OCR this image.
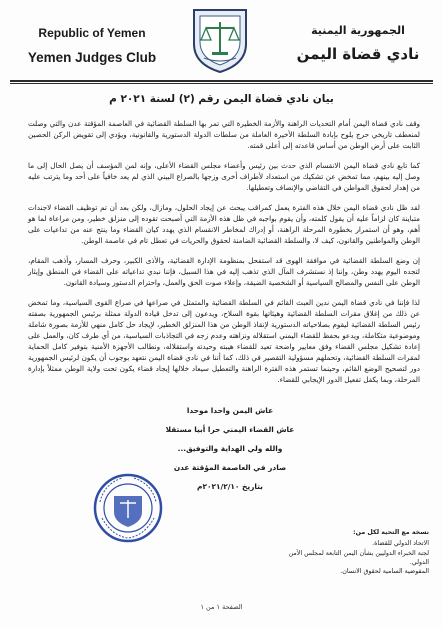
Republic of Yemen
Yemen Judges Club
الجمهورية اليمنية
نادي قضاة اليمن
بيان نادي قضاة اليمن رقم (٢) لسنة ٢٠٢١ م

وقف نادي قضاة اليمن أمام التحديات الراهنة والأزمة الخطيرة التي تمر بها السلطة القضائية في العاصمة المؤقتة عدن والتي وصلت لمنعطف تاريخي حرج يلوح بإبادة السلطة الأخيرة العاملة من سلطات الدولة الدستورية والقانونية، ويؤدي إلى تقويض الركن الحصين الثابت على أرض الوطن من أساس قاعدته إلى أعلى قمته.

كما تابع نادي قضاة اليمن الانقسام الذي حدث بين رئيس وأعضاء مجلس القضاء الأعلى، وإنه لمن المؤسف أن يصل الحال إلى ما وصل إليه بينهم، مما تمخض عن تشكيك من استعداد لأطراف أخرى وزجها بالصراع البيني الذي لم يعد خافياً على أحد وما يترتب عليه من إهدار لحقوق المواطن في التقاضي والإنصاف وتعطيلها.

لقد ظل نادي قضاة اليمن خلال هذه الفترة يعمل كمراقب يبحث عن إيجاد الحلول، ومازال، ولكن بعد أن تم توظيف القضاء لاجندات متباينة كان لزاماً عليه أن يقول كلمته، وأن يقوم بواجبه في ظل هذه الأزمة التي أصبحت تقوده إلى منزلق خطير، ومن مراعاة لما هو أهم، وهو أن استمرار بخطورة المرحلة الراهنة، أو إدراك لمخاطر الانقسام الذي يهدد كيان القضاء وما ينتج عنه من تداعيات على الوطن والمواطنين والقانون، كيف لا، والسلطة القضائية الضامنة لحقوق والحريات في تعطل تام في عاصمة الوطن.

إن وضع السلطة القضائية في موافقة الهوى قد استفحل بمنظومة الإدارة القضائية، والأذى الكبير، وحرف المسار، وأذهب المقام، لتجده اليوم يهدد وطن، وإننا إذ نستشرف المآل الذي تذهب إليه في هذا السبيل، فإننا نبدي تداعياته على القضاء في المنطق وإيثار الوطن على النفس والمصالح السياسية أو الشخصية الضيقة، وإعلاء صوت الحق والعمل، واحترام الدستور وسيادة القانون.

لذا فإننا في نادي قضاة اليمن ندين العبث القائم في السلطة القضائية والمتمثل في صراعها في صراع القوى السياسية، وما تمخض عن ذلك من إغلاق مقرات السلطة القضائية وهيئاتها بقوة السلاح، ويدعون إلى تدخل قيادة الدولة ممثلة برئيس الجمهورية بصفته رئيس السلطة القضائية ليقوم بصلاحياته الدستورية لإنقاذ الوطن من هذا المنزلق الخطير، لإيجاد حل كامل منهي للأزمة بصورة شاملة وموضوعية متكاملة، ويدعو بحفظ للقضاء اليمني استقلاله ونزاهته وعدم زجه في التجاذبات السياسية، من أي طرف كان، والعمل على إعادة تشكيل مجلس القضاء وفق معايير واضحة تعيد للقضاء هيبته وحيدته واستقلاله، ونطالب الأجهزة الأمنية بتوفير كامل الحماية لمقرات السلطة القضائية، وتحملهم مسؤولية التقصير في ذلك، كما أننا في نادي قضاة اليمن نتعهد بوجوب أن يكون لرئيس الجمهورية دور لتصحيح الوضع القائم، وحينما تستمر هذه الفترة الراهنة والتعطيل سيعاد خلالها إيجاد قضاء يكون تحت ولاية الوطن ممثلاً بإدارة المرحلة، وبما يكفل تفعيل الدور الإيجابي للقضاء.

عاش اليمن واحدا موحدا
عاش القضاء اليمني حرا أبيا مستقلا
والله ولي الهداية والتوفيق...
صادر في العاصمة المؤقتة عدن
بتاريخ ٢٠٢١/٢/١٠م
نسخة مع التحية لكل من:
الاتحاد الدولي للقضاة.
لجنة الخبراء الدوليين بشأن اليمن التابعة لمجلس الأمن الدولي.
المفوضية السامية لحقوق الانسان.
الصفحة ١ من ١
